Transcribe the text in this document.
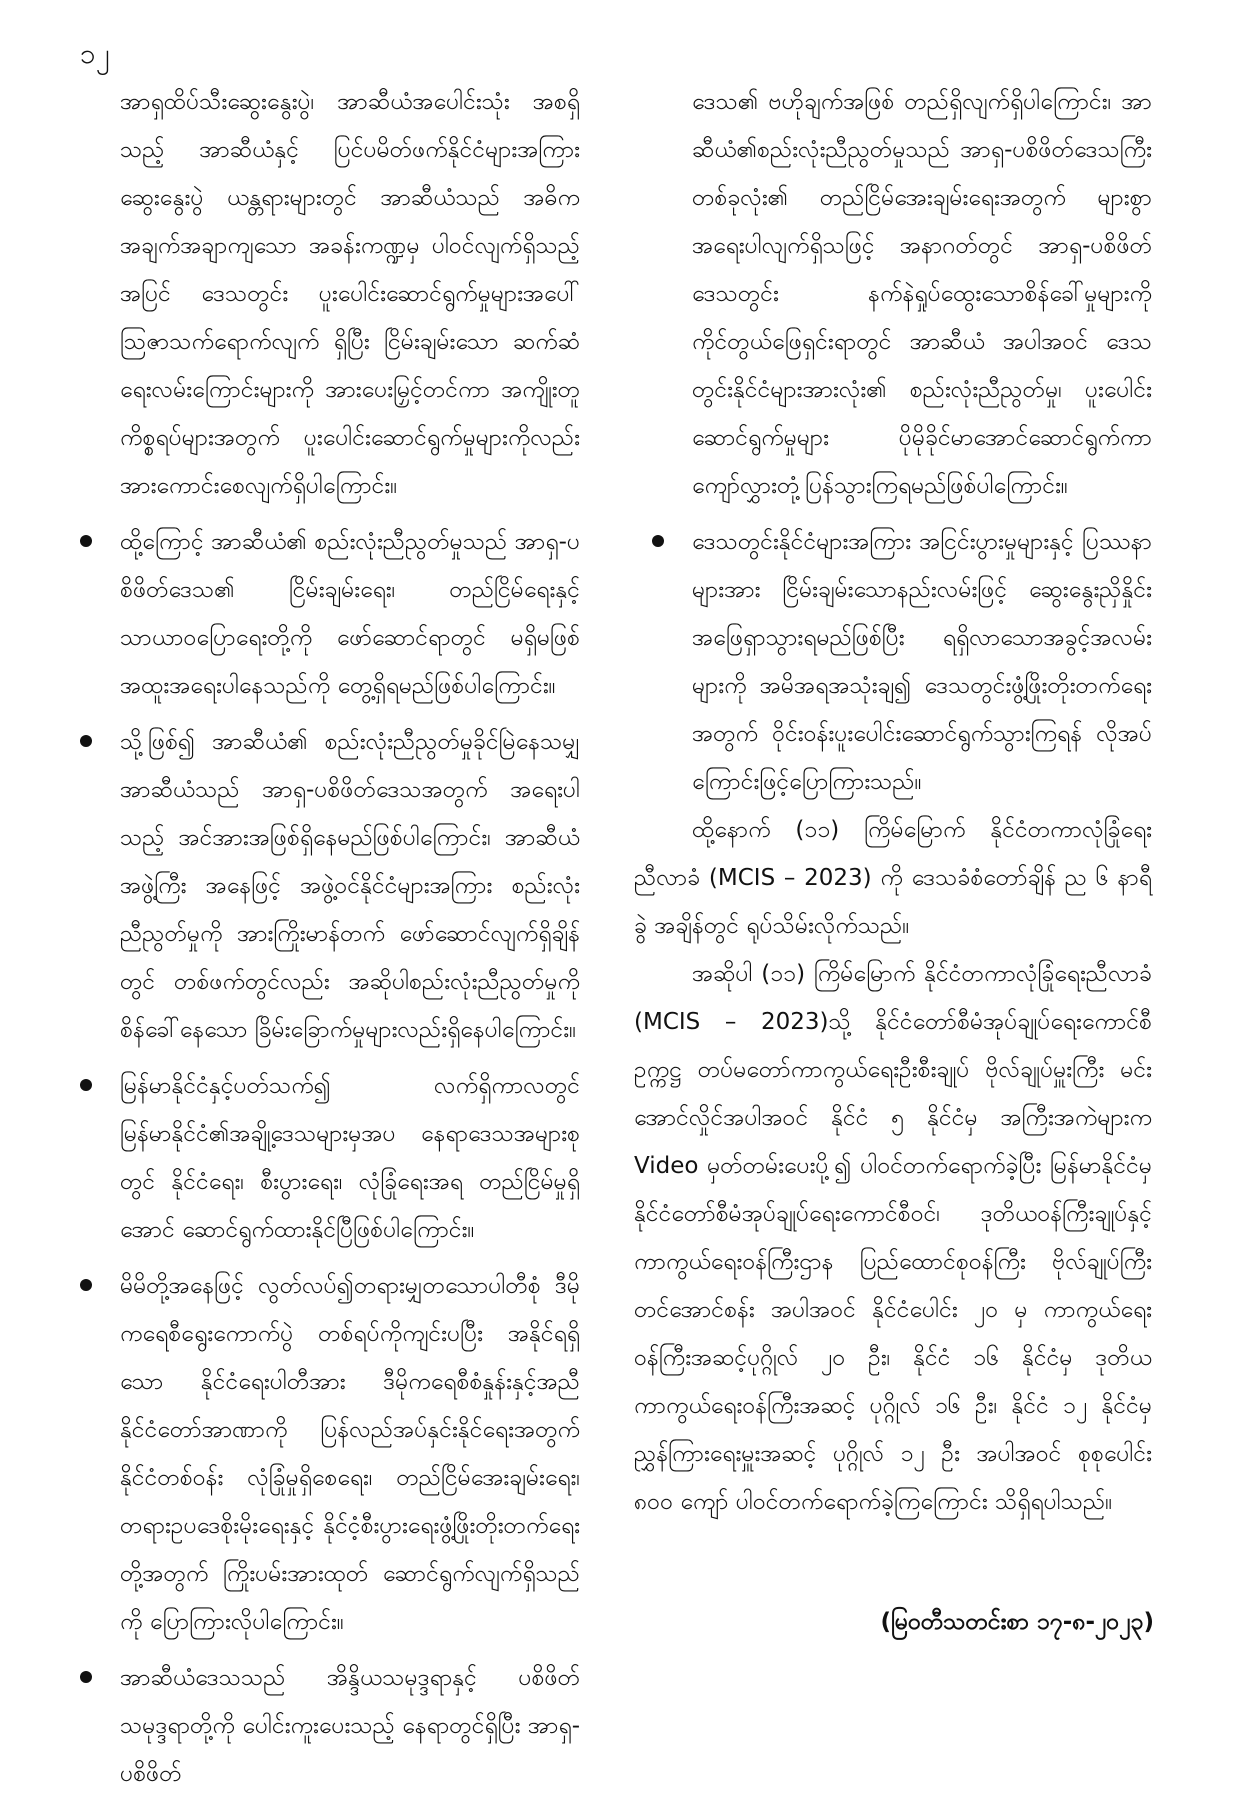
၁၂

အာရှထိပ်သီးဆွေးနွေးပွဲ၊ အာဆီယံအပေါင်းသုံး အစရှိသည့် အာဆီယံနှင့် ပြင်ပမိတ်ဖက်နိုင်ငံများအကြားဆွေးနွေးပွဲ ယန္တရားများတွင် အာဆီယံသည် အဓိကအချက်အချာကျသော အခန်းကဏ္ဍမှ ပါဝင်လျက်ရှိသည့်အပြင် ဒေသတွင်း ပူးပေါင်းဆောင်ရွက်မှုများအပေါ် ဩဇာသက်ရောက်လျက် ရှိပြီး ငြိမ်းချမ်းသော ဆက်ဆံရေးလမ်းကြောင်းများကို အားပေးမြှင့်တင်ကာ အကျိုးတူကိစ္စရပ်များအတွက် ပူးပေါင်းဆောင်ရွက်မှုများကိုလည်း အားကောင်းစေလျက်ရှိပါကြောင်း။

ထို့ကြောင့် အာဆီယံ၏ စည်းလုံးညီညွတ်မှုသည် အာရှ-ပစိဖိတ်ဒေသ၏ ငြိမ်းချမ်းရေး၊ တည်ငြိမ်ရေးနှင့် သာယာဝပြောရေးတို့ကို ဖော်ဆောင်ရာတွင် မရှိမဖြစ် အထူးအရေးပါနေသည်ကို တွေ့ရှိရမည်ဖြစ်ပါကြောင်း။

သို့ဖြစ်၍ အာဆီယံ၏ စည်းလုံးညီညွတ်မှုခိုင်မြဲနေသမျှ အာဆီယံသည် အာရှ-ပစိဖိတ်ဒေသအတွက် အရေးပါသည့် အင်အားအဖြစ်ရှိနေမည်ဖြစ်ပါကြောင်း၊ အာဆီယံအဖွဲ့ကြီး အနေဖြင့် အဖွဲ့ဝင်နိုင်ငံများအကြား စည်းလုံးညီညွတ်မှုကို အားကြိုးမာန်တက် ဖော်ဆောင်လျက်ရှိချိန်တွင် တစ်ဖက်တွင်လည်း အဆိုပါစည်းလုံးညီညွတ်မှုကို စိန်ခေါ်နေသော ခြိမ်းခြောက်မှုများလည်းရှိနေပါကြောင်း။

မြန်မာနိုင်ငံနှင့်ပတ်သက်၍ လက်ရှိကာလတွင် မြန်မာနိုင်ငံ၏အချို့ဒေသများမှအပ နေရာဒေသအများစုတွင် နိုင်ငံရေး၊ စီးပွားရေး၊ လုံခြုံရေးအရ တည်ငြိမ်မှုရှိအောင် ဆောင်ရွက်ထားနိုင်ပြီဖြစ်ပါကြောင်း။

မိမိတို့အနေဖြင့် လွတ်လပ်၍တရားမျှတသောပါတီစုံ ဒီမိုကရေစီရွေးကောက်ပွဲ တစ်ရပ်ကိုကျင်းပပြီး အနိုင်ရရှိသော နိုင်ငံရေးပါတီအား ဒီမိုကရေစီစံနှုန်းနှင့်အညီ နိုင်ငံတော်အာဏာကို ပြန်လည်အပ်နှင်းနိုင်ရေးအတွက် နိုင်ငံတစ်ဝန်း လုံခြုံမှုရှိစေရေး၊ တည်ငြိမ်အေးချမ်းရေး၊ တရားဥပဒေစိုးမိုးရေးနှင့် နိုင်ငံ့စီးပွားရေးဖွံ့ဖြိုးတိုးတက်ရေးတို့အတွက် ကြိုးပမ်းအားထုတ် ဆောင်ရွက်လျက်ရှိသည်ကို ပြောကြားလိုပါကြောင်း။

အာဆီယံဒေသသည် အိန္ဒိယသမုဒ္ဒရာနှင့် ပစိဖိတ်သမုဒ္ဒရာတို့ကို ပေါင်းကူးပေးသည့် နေရာတွင်ရှိပြီး အာရှ-ပစိဖိတ်

ဒေသ၏ ဗဟိုချက်အဖြစ် တည်ရှိလျက်ရှိပါကြောင်း၊ အာဆီယံ၏စည်းလုံးညီညွတ်မှုသည် အာရှ-ပစိဖိတ်ဒေသကြီး တစ်ခုလုံး၏ တည်ငြိမ်အေးချမ်းရေးအတွက် များစွာအရေးပါလျက်ရှိသဖြင့် အနာဂတ်တွင် အာရှ-ပစိဖိတ်ဒေသတွင်း နက်နဲရှုပ်ထွေးသောစိန်ခေါ်မှုများကို ကိုင်တွယ်ဖြေရှင်းရာတွင် အာဆီယံ အပါအဝင် ဒေသတွင်းနိုင်ငံများအားလုံး၏ စည်းလုံးညီညွတ်မှု၊ ပူးပေါင်းဆောင်ရွက်မှုများ ပိုမိုခိုင်မာအောင်ဆောင်ရွက်ကာ ကျော်လွှားတုံ့ပြန်သွားကြရမည်ဖြစ်ပါကြောင်း။

ဒေသတွင်းနိုင်ငံများအကြား အငြင်းပွားမှုများနှင့် ပြဿနာများအား ငြိမ်းချမ်းသောနည်းလမ်းဖြင့် ဆွေးနွေးညှိနှိုင်းအဖြေရှာသွားရမည်ဖြစ်ပြီး ရရှိလာသောအခွင့်အလမ်းများကို အမိအရအသုံးချ၍ ဒေသတွင်းဖွံ့ဖြိုးတိုးတက်ရေးအတွက် ဝိုင်းဝန်းပူးပေါင်းဆောင်ရွက်သွားကြရန် လိုအပ်ကြောင်းဖြင့်ပြောကြားသည်။

ထို့နောက် (၁၁) ကြိမ်မြောက် နိုင်ငံတကာလုံခြုံရေးညီလာခံ (MCIS – 2023) ကို ဒေသခံစံတော်ချိန် ည ၆ နာရီခွဲ အချိန်တွင် ရုပ်သိမ်းလိုက်သည်။

အဆိုပါ (၁၁) ကြိမ်မြောက် နိုင်ငံတကာလုံခြုံရေးညီလာခံ (MCIS – 2023)သို့ နိုင်ငံတော်စီမံအုပ်ချုပ်ရေးကောင်စီ ဥက္ကဋ္ဌ တပ်မတော်ကာကွယ်ရေးဦးစီးချုပ် ဗိုလ်ချုပ်မှူးကြီး မင်းအောင်လှိုင်အပါအဝင် နိုင်ငံ ၅ နိုင်ငံမှ အကြီးအကဲများက Video မှတ်တမ်းပေးပို့၍ ပါဝင်တက်ရောက်ခဲ့ပြီး မြန်မာနိုင်ငံမှ နိုင်ငံတော်စီမံအုပ်ချုပ်ရေးကောင်စီဝင်၊ ဒုတိယဝန်ကြီးချုပ်နှင့် ကာကွယ်ရေးဝန်ကြီးဌာန ပြည်ထောင်စုဝန်ကြီး ဗိုလ်ချုပ်ကြီး တင်အောင်စန်း အပါအဝင် နိုင်ငံပေါင်း ၂၀ မှ ကာကွယ်ရေးဝန်ကြီးအဆင့်ပုဂ္ဂိုလ် ၂၀ ဦး၊ နိုင်ငံ ၁၆ နိုင်ငံမှ ဒုတိယကာကွယ်ရေးဝန်ကြီးအဆင့် ပုဂ္ဂိုလ် ၁၆ ဦး၊ နိုင်ငံ ၁၂ နိုင်ငံမှ ညွှန်ကြားရေးမှူးအဆင့် ပုဂ္ဂိုလ် ၁၂ ဦး အပါအဝင် စုစုပေါင်း ၈၀၀ ကျော် ပါဝင်တက်ရောက်ခဲ့ကြကြောင်း သိရှိရပါသည်။

(မြဝတီသတင်းစာ ၁၇-၈-၂၀၂၃)
